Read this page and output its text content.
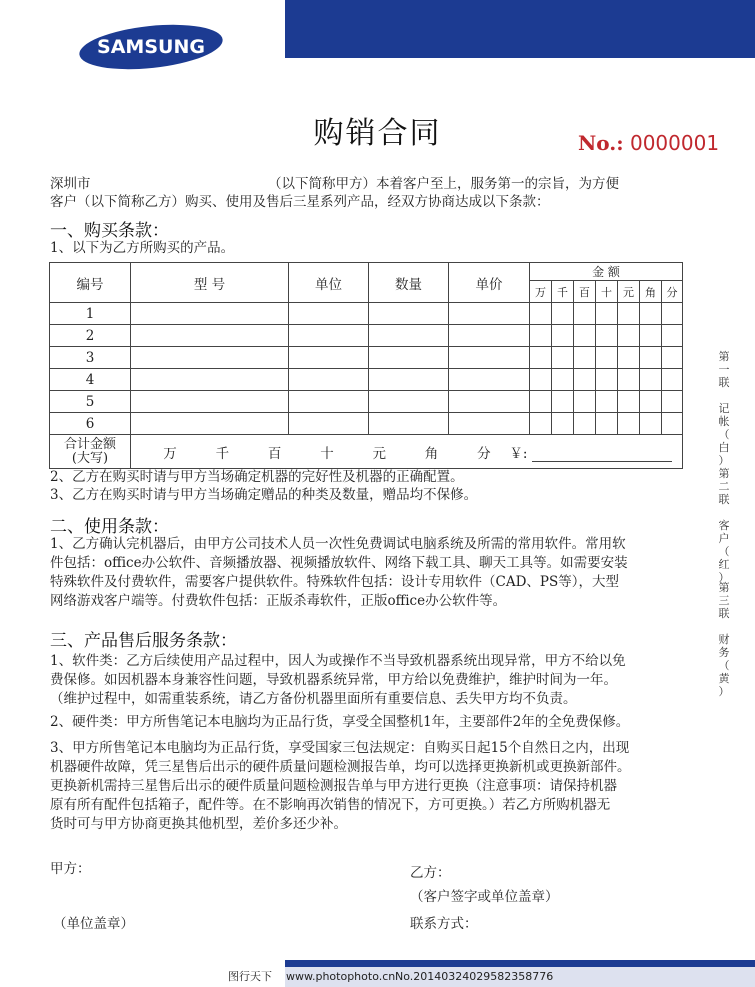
SAMSUNG
购销合同	No.: 0000001
深圳市	（以下简称甲方）本着客户至上，服务第一的宗旨，为方便
客户（以下简称乙方）购买、使用及售后三星系列产品，经双方协商达成以下条款：
一、购买条款：
1、以下为乙方所购买的产品。
编号	型 号	单位	数量	单价	金 额						
					万	千	百	十	元	角	分
1											
2											
3											
4											
5											
6											

合计金额
(大写)	万 千 百 十 元 角 分 ￥:										
2、乙方在购买时请与甲方当场确定机器的完好性及机器的正确配置。
3、乙方在购买时请与甲方当场确定赠品的种类及数量，赠品均不保修。
二、使用条款：
1、乙方确认完机器后，由甲方公司技术人员一次性免费调试电脑系统及所需的常用软件。常用软
件包括：office办公软件、音频播放器、视频播放软件、网络下载工具、聊天工具等。如需要安装
特殊软件及付费软件，需要客户提供软件。特殊软件包括：设计专用软件（CAD、PS等），大型
网络游戏客户端等。付费软件包括：正版杀毒软件，正版office办公软件等。
三、产品售后服务条款：
1、软件类：乙方后续使用产品过程中，因人为或操作不当导致机器系统出现异常，甲方不给以免
费保修。如因机器本身兼容性问题，导致机器系统异常，甲方给以免费维护，维护时间为一年。
（维护过程中，如需重装系统，请乙方备份机器里面所有重要信息、丢失甲方均不负责。
2、硬件类：甲方所售笔记本电脑均为正品行货，享受全国整机1年，主要部件2年的全免费保修。
3、甲方所售笔记本电脑均为正品行货，享受国家三包法规定：自购买日起15个自然日之内，出现
机器硬件故障，凭三星售后出示的硬件质量问题检测报告单，均可以选择更换新机或更换新部件。
更换新机需持三星售后出示的硬件质量问题检测报告单与甲方进行更换（注意事项：请保持机器
原有所有配件包括箱子，配件等。在不影响再次销售的情况下，方可更换。）若乙方所购机器无
货时可与甲方协商更换其他机型，差价多还少补。
甲方：	乙方：
（客户签字或单位盖章）
（单位盖章）	联系方式：
第
一
联

记
帐
（
白
）
第
二
联

客
户
（
红
）
第
三
联

财
务
（
黄
）
图行天下 www.photophoto.cn No.20140324029582358776
